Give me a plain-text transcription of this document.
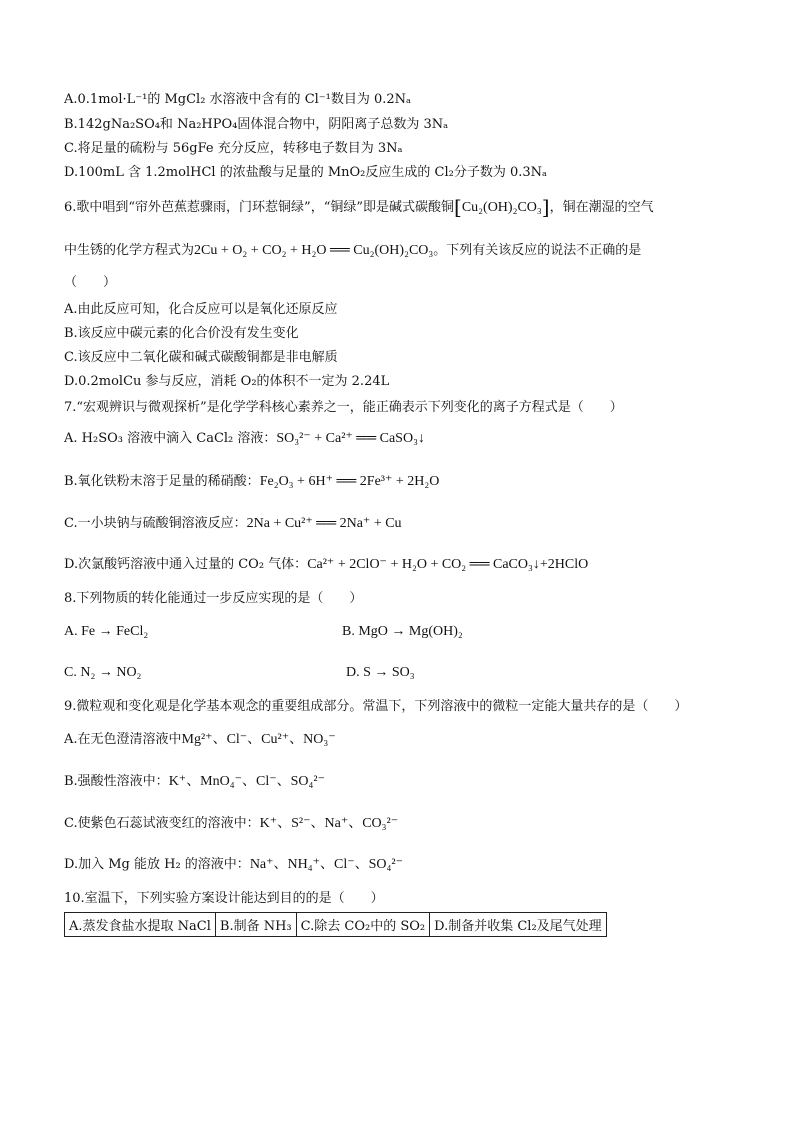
A.0.1mol·L⁻¹的 MgCl₂ 水溶液中含有的 Cl⁻¹数目为 0.2Nₐ
B.142gNa₂SO₄和 Na₂HPO₄固体混合物中，阴阳离子总数为 3Nₐ
C.将足量的硫粉与 56gFe 充分反应，转移电子数目为 3Nₐ
D.100mL 含 1.2molHCl 的浓盐酸与足量的 MnO₂反应生成的 Cl₂分子数为 0.3Nₐ
6.歌中唱到“帘外芭蕉惹骤雨，门环惹铜绿”，“铜绿”即是碱式碳酸铜[Cu₂(OH)₂CO₃]，铜在潮湿的空气
中生锈的化学方程式为2Cu + O₂ + CO₂ + H₂O ══ Cu₂(OH)₂CO₃。下列有关该反应的说法不正确的是
（　　）
A.由此反应可知，化合反应可以是氧化还原反应
B.该反应中碳元素的化合价没有发生变化
C.该反应中二氧化碳和碱式碳酸铜都是非电解质
D.0.2molCu 参与反应，消耗 O₂的体积不一定为 2.24L
7.“宏观辨识与微观探析”是化学学科核心素养之一，能正确表示下列变化的离子方程式是（　　）
A. H₂SO₃ 溶液中滴入 CaCl₂ 溶液：SO₃²⁻ + Ca²⁺ ══ CaSO₃↓
B.氧化铁粉末溶于足量的稀硝酸：Fe₂O₃ + 6H⁺ ══ 2Fe³⁺ + 2H₂O
C.一小块钠与硫酸铜溶液反应：2Na + Cu²⁺ ══ 2Na⁺ + Cu
D.次氯酸钙溶液中通入过量的 CO₂ 气体：Ca²⁺ + 2ClO⁻ + H₂O + CO₂ ══ CaCO₃↓+2HClO
8.下列物质的转化能通过一步反应实现的是（　　）
A. Fe → FeCl₂	B. MgO → Mg(OH)₂
C. N₂ → NO₂	D. S → SO₃
9.微粒观和变化观是化学基本观念的重要组成部分。常温下，下列溶液中的微粒一定能大量共存的是（　　）
A.在无色澄清溶液中Mg²⁺、Cl⁻、Cu²⁺、NO₃⁻
B.强酸性溶液中：K⁺、MnO₄⁻、Cl⁻、SO₄²⁻
C.使紫色石蕊试液变红的溶液中：K⁺、S²⁻、Na⁺、CO₃²⁻
D.加入 Mg 能放 H₂ 的溶液中：Na⁺、NH₄⁺、Cl⁻、SO₄²⁻
10.室温下，下列实验方案设计能达到目的的是（　　）
A.蒸发食盐水提取 NaCl	B.制备 NH₃	C.除去 CO₂中的 SO₂	D.制备并收集 Cl₂及尾气处理
